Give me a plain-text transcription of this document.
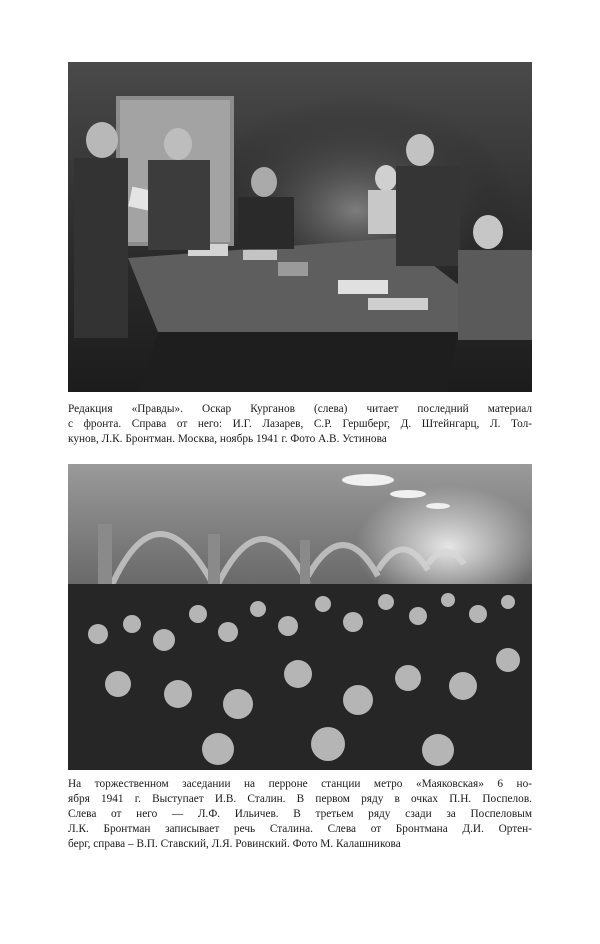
Редакция «Правды». Оскар Курганов (слева) читает последний материал
с фронта. Справа от него: И.Г. Лазарев, С.Р. Гершберг, Д. Штейнгарц, Л. Тол-
кунов, Л.К. Бронтман. Москва, ноябрь 1941 г. Фото А.В. Устинова

На торжественном заседании на перроне станции метро «Маяковская» 6 но-
ября 1941 г. Выступает И.В. Сталин. В первом ряду в очках П.Н. Поспелов.
Слева от него — Л.Ф. Ильичев. В третьем ряду сзади за Поспеловым
Л.К. Бронтман записывает речь Сталина. Слева от Бронтмана Д.И. Ортен-
берг, справа – В.П. Ставский, Л.Я. Ровинский. Фото М. Калашникова
